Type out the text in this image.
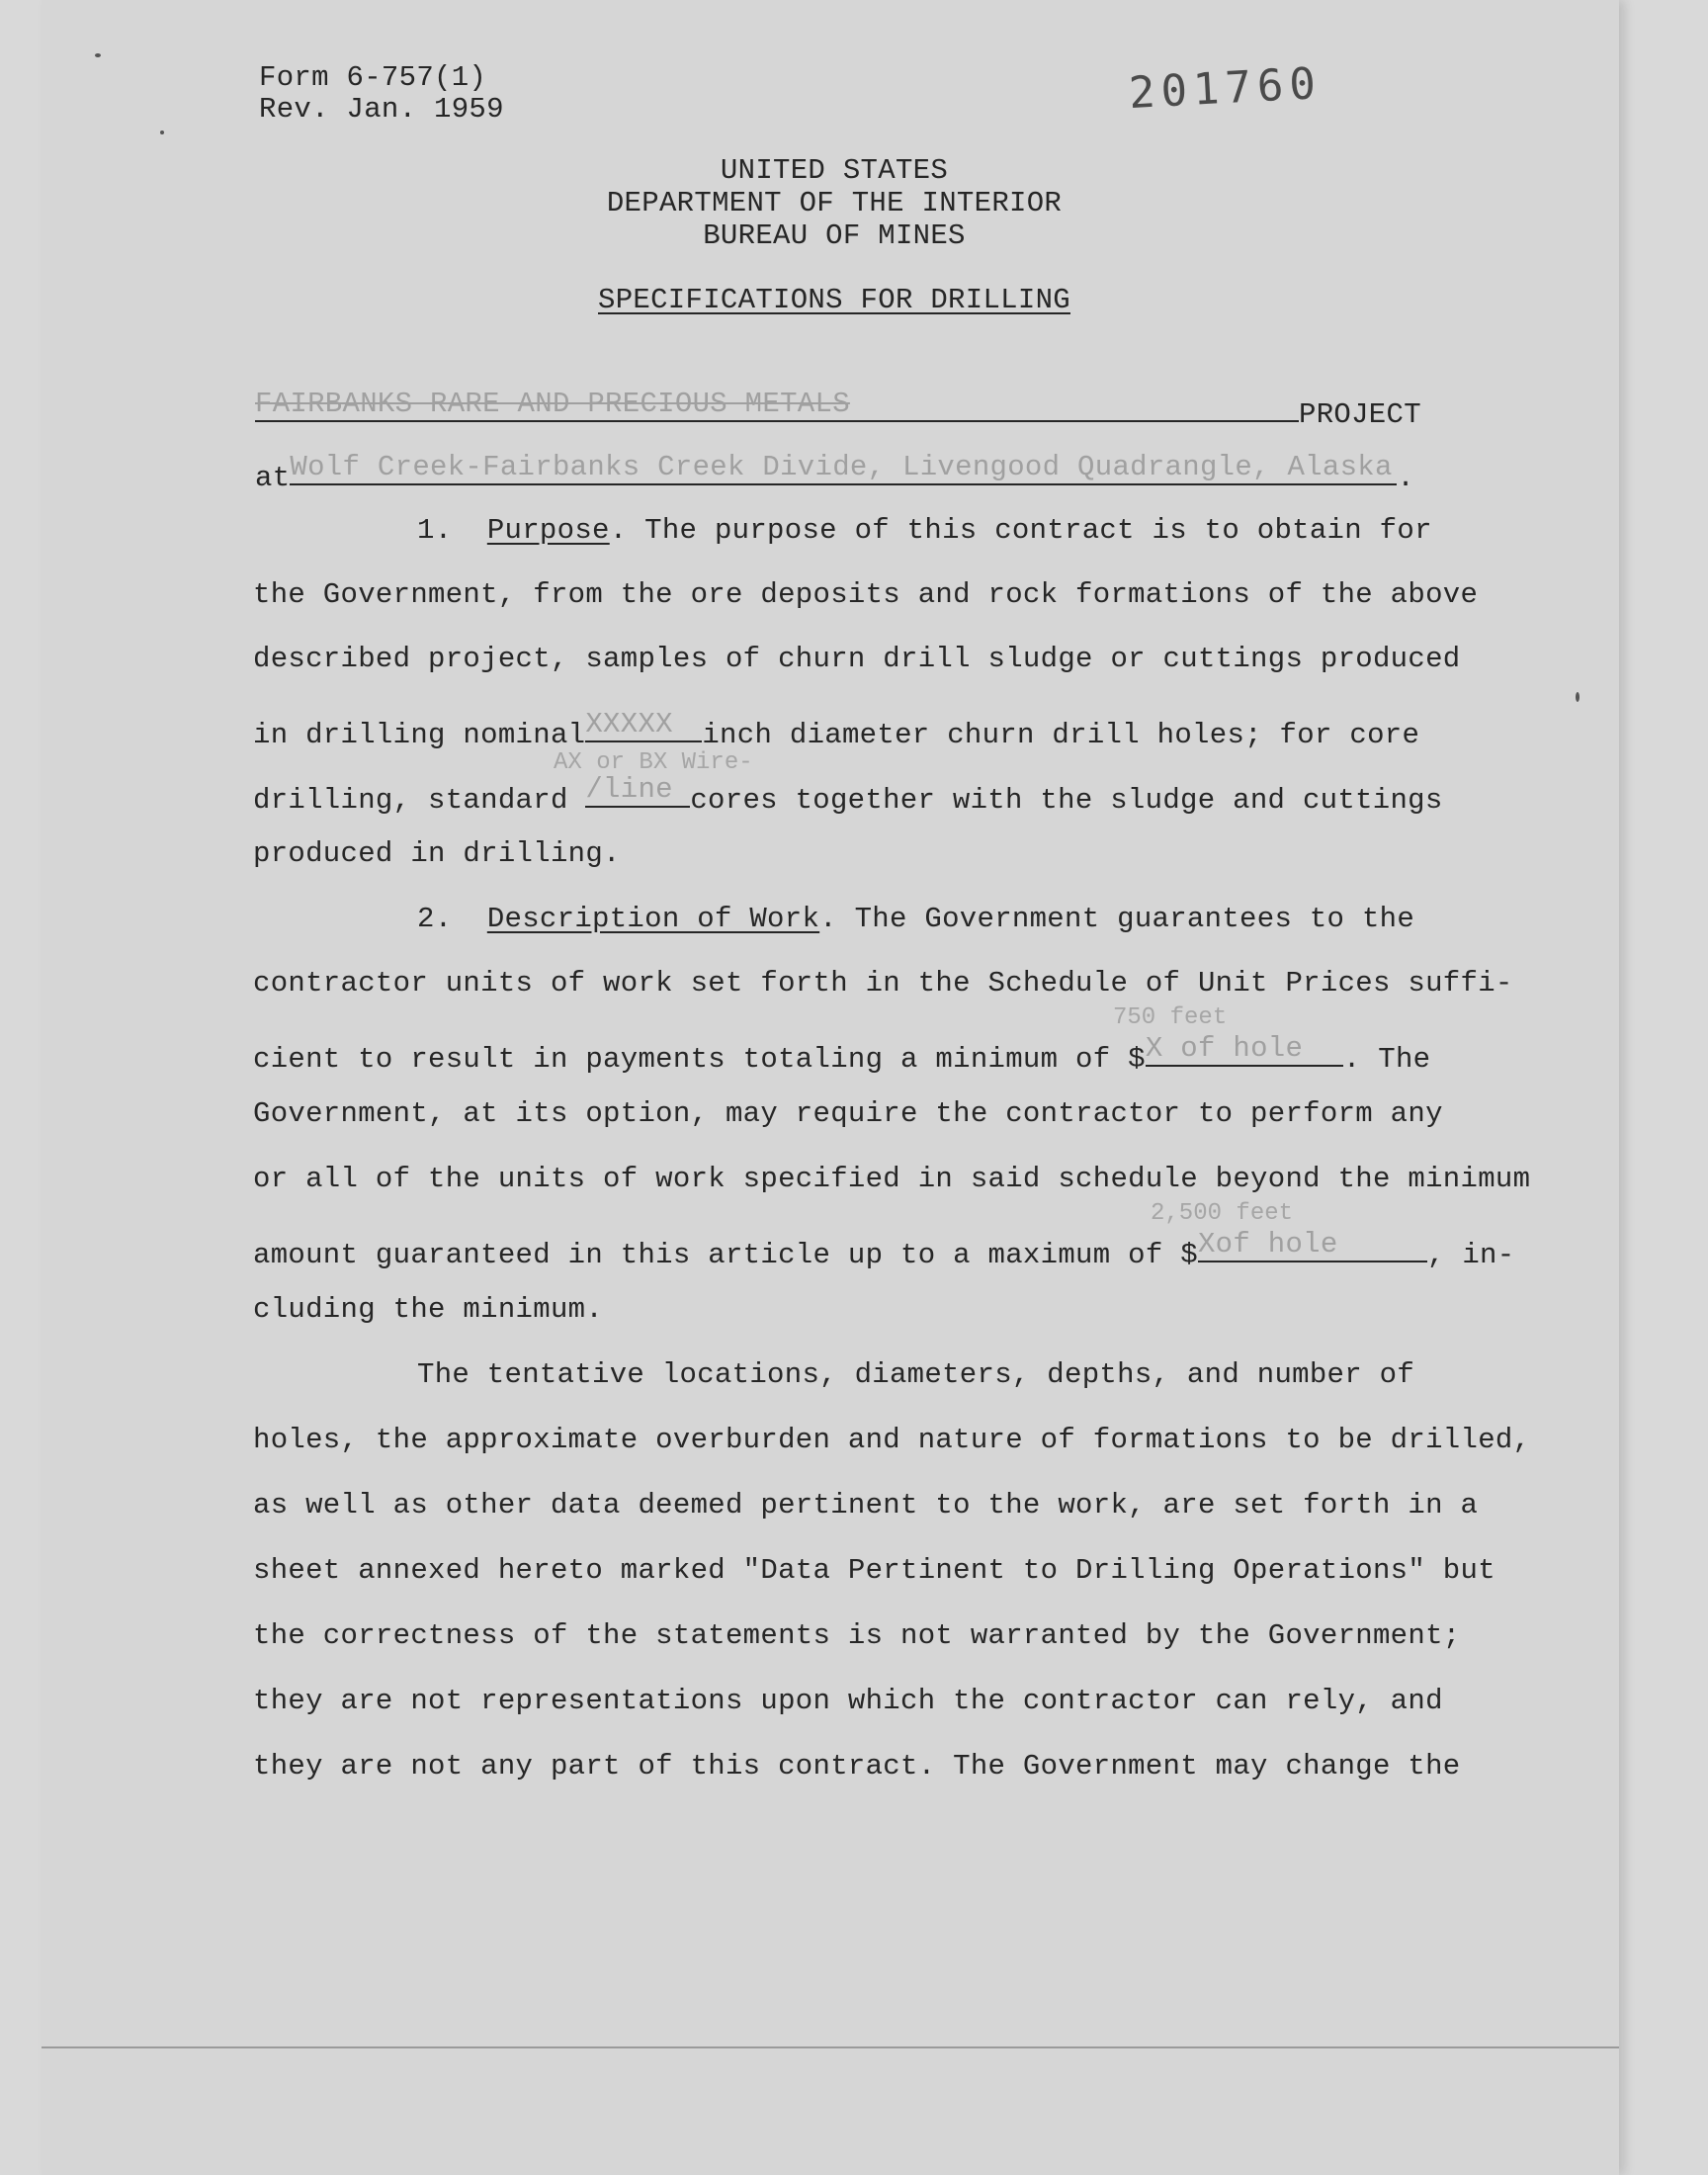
Form 6-757(1)
Rev. Jan. 1959	201760
UNITED STATES
DEPARTMENT OF THE INTERIOR
BUREAU OF MINES
SPECIFICATIONS FOR DRILLING
FAIRBANKS RARE AND PRECIOUS METALS	PROJECT
atWolf Creek-Fairbanks Creek Divide, Livengood Quadrangle, Alaska .
1. Purpose. The purpose of this contract is to obtain for
the Government, from the ore deposits and rock formations of the above
described project, samples of churn drill sludge or cuttings produced
in drilling nominalXXXXX inch diameter churn drill holes; for core
AX or BX Wire-
drilling, standard /line cores together with the sludge and cuttings
produced in drilling.
2. Description of Work. The Government guarantees to the
contractor units of work set forth in the Schedule of Unit Prices suffi-
750 feet
cient to result in payments totaling a minimum of $X of hole . The
Government, at its option, may require the contractor to perform any
or all of the units of work specified in said schedule beyond the minimum
2,500 feet
amount guaranteed in this article up to a maximum of $Xof hole	, in-
cluding the minimum.
The tentative locations, diameters, depths, and number of
holes, the approximate overburden and nature of formations to be drilled,
as well as other data deemed pertinent to the work, are set forth in a
sheet annexed hereto marked "Data Pertinent to Drilling Operations" but
the correctness of the statements is not warranted by the Government;
they are not representations upon which the contractor can rely, and
they are not any part of this contract. The Government may change the
